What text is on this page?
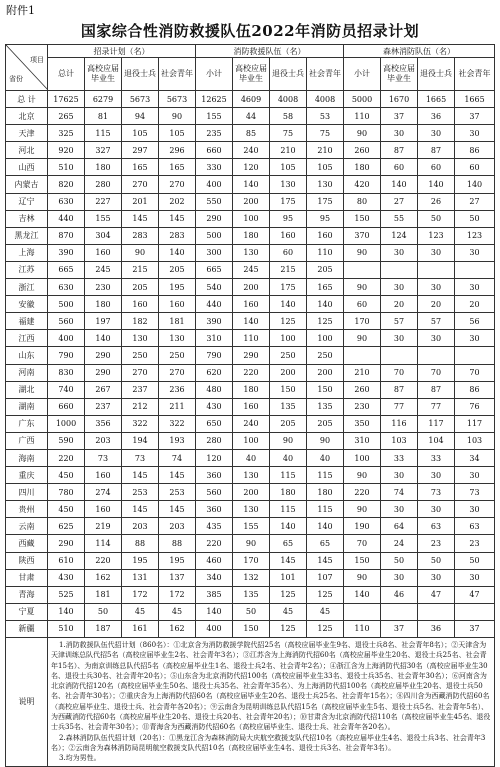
附件1
国家综合性消防救援队伍2022年消防员招录计划
项目
省份	招录计划（名）				消防救援队伍（名）				森林消防队伍（名）			
	总计	高校应届毕业生	退役士兵	社会青年	小计	高校应届毕业生	退役士兵	社会青年	小计	高校应届毕业生	退役士兵	社会青年
总 计	17625	6279	5673	5673	12625	4609	4008	4008	5000	1670	1665	1665
北京	265	81	94	90	155	44	58	53	110	37	36	37
天津	325	115	105	105	235	85	75	75	90	30	30	30
河北	920	327	297	296	660	240	210	210	260	87	87	86
山西	510	180	165	165	330	120	105	105	180	60	60	60
内蒙古	820	280	270	270	400	140	130	130	420	140	140	140
辽宁	630	227	201	202	550	200	175	175	80	27	26	27
吉林	440	155	145	145	290	100	95	95	150	55	50	50
黑龙江	870	304	283	283	500	180	160	160	370	124	123	123
上海	390	160	90	140	300	130	60	110	90	30	30	30
江苏	665	245	215	205	665	245	215	205				
浙江	630	230	205	195	540	200	175	165	90	30	30	30
安徽	500	180	160	160	440	160	140	140	60	20	20	20
福建	560	197	182	181	390	140	125	125	170	57	57	56
江西	400	140	130	130	310	110	100	100	90	30	30	30
山东	790	290	250	250	790	290	250	250				
河南	830	290	270	270	620	220	200	200	210	70	70	70
湖北	740	267	237	236	480	180	150	150	260	87	87	86
湖南	660	237	212	211	430	160	135	135	230	77	77	76
广东	1000	356	322	322	650	240	205	205	350	116	117	117
广西	590	203	194	193	280	100	90	90	310	103	104	103
海南	220	73	73	74	120	40	40	40	100	33	33	34
重庆	450	160	145	145	360	130	115	115	90	30	30	30
四川	780	274	253	253	560	200	180	180	220	74	73	73
贵州	450	160	145	145	360	130	115	115	90	30	30	30
云南	625	219	203	203	435	155	140	140	190	64	63	63
西藏	290	114	88	88	220	90	65	65	70	24	23	23
陕西	610	220	195	195	460	170	145	145	150	50	50	50
甘肃	430	162	131	137	340	132	101	107	90	30	30	30
青海	525	181	172	172	385	135	125	125	140	46	47	47
宁夏	140	50	45	45	140	50	45	45				
新疆	510	187	161	162	400	150	125	125	110	37	36	37
说明	1.消防救援队伍代招计划（860名）：①北京含为消防救援学院代招25名（高校应届毕业生9名、退役士兵8名、社会青年8名）；②天津含为天津训练总队代招5名（高校应届毕业生2名、社会青年3名）；③江苏含为上海消防代招60名（高校应届毕业生20名、退役士兵25名、社会青年15名）、为南京训练总队代招5名（高校应届毕业生1名、退役士兵2名、社会青年2名）；④浙江含为上海消防代招30名（高校应届毕业生30名、退役士兵30名、社会青年20名）；⑤山东含为北京消防代招100名（高校应届毕业生33名、退役士兵35名、社会青年30名）；⑥河南含为北京消防代招120名（高校应届毕业生50名、退役士兵35名、社会青年35名）、为上海消防代招100名（高校应届毕业生20名、退役士兵50名、社会青年30名）；⑦重庆含为上海消防代招60名（高校应届毕业生20名、退役士兵25名、社会青年15名）；⑧四川含为西藏消防代招60名（高校应届毕业生、退役士兵、社会青年各20名）；⑨云南含为昆明训练总队代招15名（高校应届毕业生5名、退役士兵5名、社会青年5名）、为西藏消防代招60名（高校应届毕业生20名、退役士兵20名、社会青年20名）；⑩甘肃含为北京消防代招110名（高校应届毕业生45名、退役士兵35名、社会青年30名）；⑪青海含为西藏消防代招60名（高校应届毕业生、退役士兵、社会青年各20名）。

2.森林消防队伍代招计划（20名）：①黑龙江含为森林消防局大庆航空救援支队代招10名（高校应届毕业生4名、退役士兵3名、社会青年3名）；②云南含为森林消防局昆明航空救援支队代招10名（高校应届毕业生4名、退役士兵3名、社会青年3名）。

3.均为男性。											
